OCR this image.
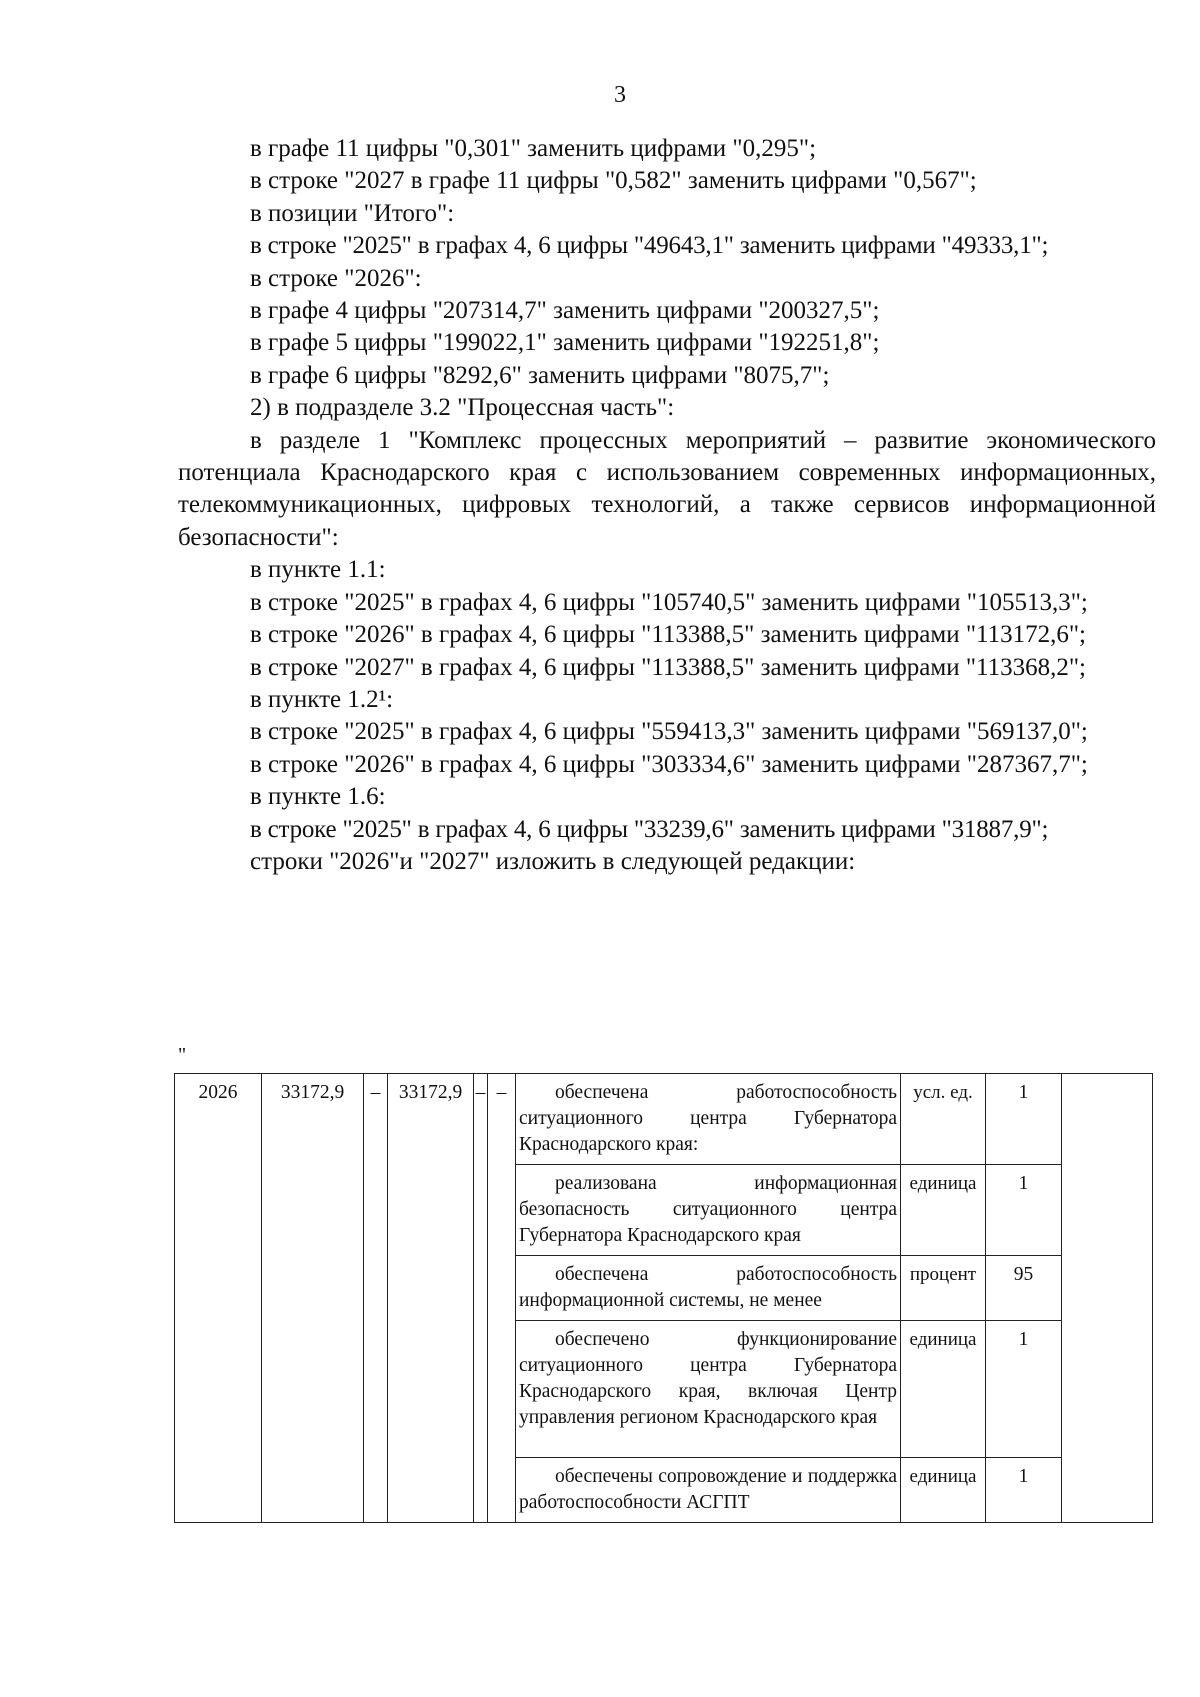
3

в графе 11 цифры "0,301" заменить цифрами "0,295";

в строке "2027 в графе 11 цифры "0,582" заменить цифрами "0,567";

в позиции "Итого":

в строке "2025" в графах 4, 6 цифры "49643,1" заменить цифрами "49333,1";

в строке "2026":

в графе 4 цифры "207314,7" заменить цифрами "200327,5";

в графе 5 цифры "199022,1" заменить цифрами "192251,8";

в графе 6 цифры "8292,6" заменить цифрами "8075,7";

2) в подразделе 3.2 "Процессная часть":

в разделе 1 "Комплекс процессных мероприятий – развитие экономического потенциала Краснодарского края с использованием современных информационных, телекоммуникационных, цифровых технологий, а также сервисов информационной безопасности":

в пункте 1.1:

в строке "2025" в графах 4, 6 цифры "105740,5" заменить цифрами "105513,3";

в строке "2026" в графах 4, 6 цифры "113388,5" заменить цифрами "113172,6";

в строке "2027" в графах 4, 6 цифры "113388,5" заменить цифрами "113368,2";

в пункте 1.2¹:

в строке "2025" в графах 4, 6 цифры "559413,3" заменить цифрами "569137,0";

в строке "2026" в графах 4, 6 цифры "303334,6" заменить цифрами "287367,7";

в пункте 1.6:

в строке "2025" в графах 4, 6 цифры "33239,6" заменить цифрами "31887,9";

строки "2026"и "2027" изложить в следующей редакции:

"
2026	33172,9	–	33172,9	–	–	обеспечена работоспособность ситуационного центра Губернатора Краснодарского края:	усл. ед.	1	
						реализована информационная безопасность ситуационного центра Губернатора Краснодарского края	единица	1	
						обеспечена работоспособность информационной системы, не менее	процент	95	
						обеспечено функционирование ситуационного центра Губернатора Краснодарского края, включая Центр управления регионом Краснодарского края	единица	1	
						обеспечены сопровождение и поддержка работоспособности АСГПТ	единица	1	
